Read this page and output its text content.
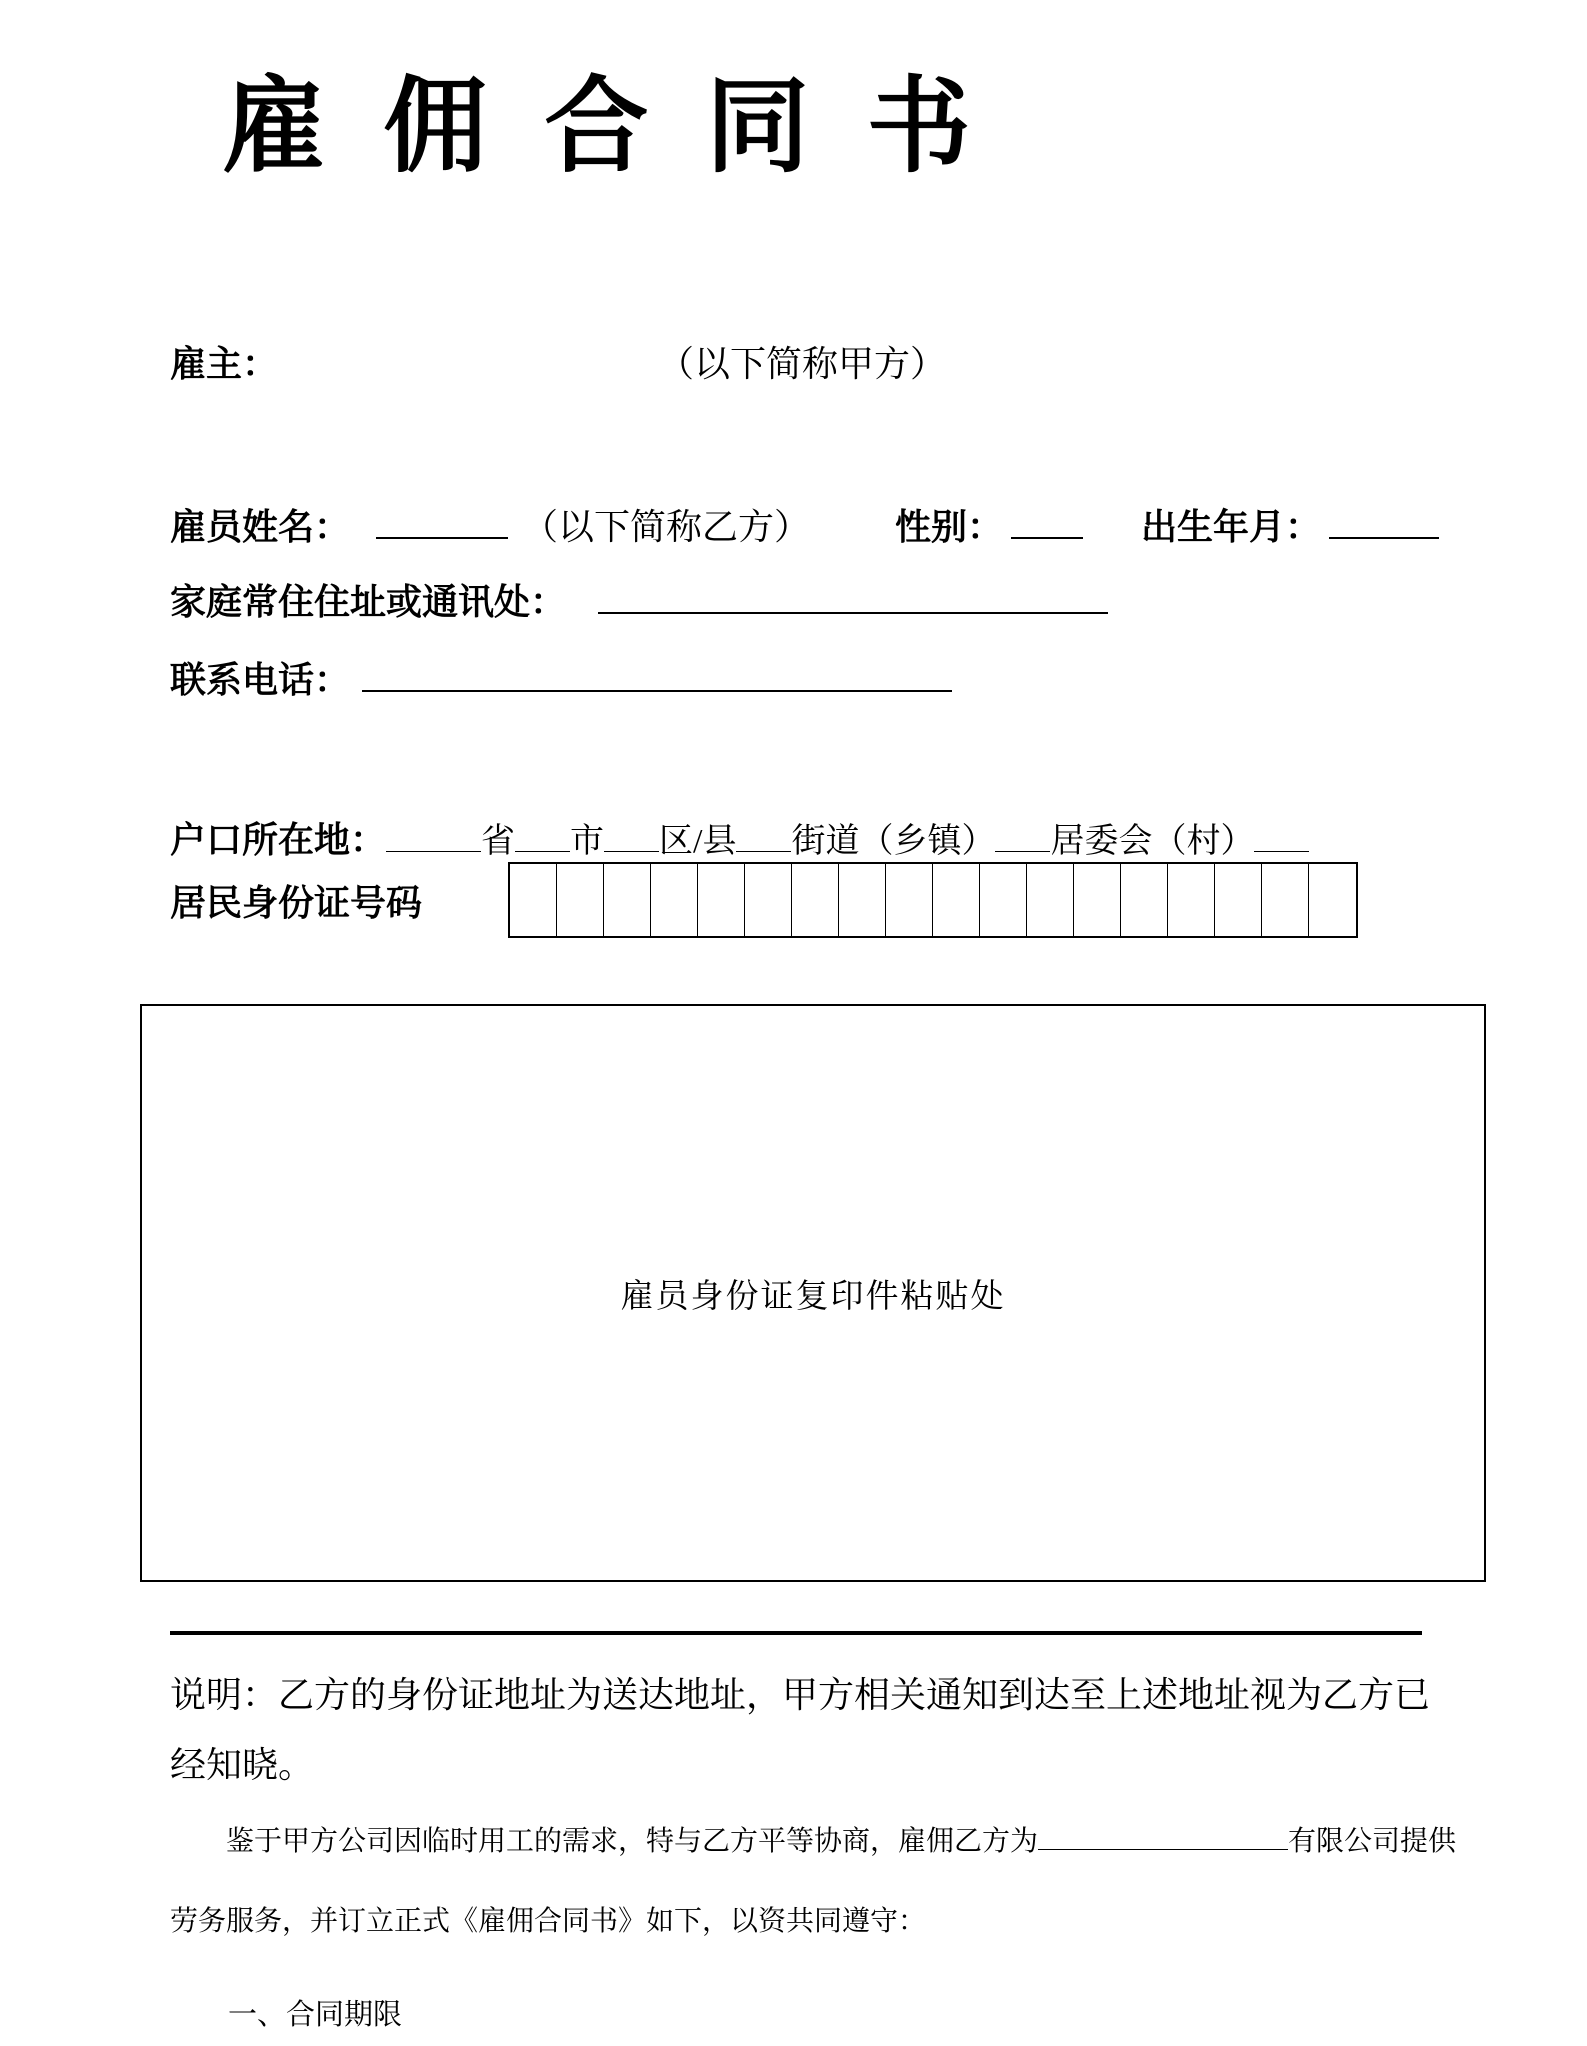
雇佣合同书
雇主：	（以下简称甲方）
雇员姓名：	（以下简称乙方） 性别：	出生年月：
家庭常住住址或通讯处：
联系电话：
户口所在地：	省 市 区/县 街道（乡镇） 居委会（村）
居民身份证号码
雇员身份证复印件粘贴处
说明：乙方的身份证地址为送达地址，甲方相关通知到达至上述地址视为乙方已经知晓。
鉴于甲方公司因临时用工的需求，特与乙方平等协商，雇佣乙方为	有限公司提供劳务服务，并订立正式《雇佣合同书》如下，以资共同遵守：
一、合同期限
